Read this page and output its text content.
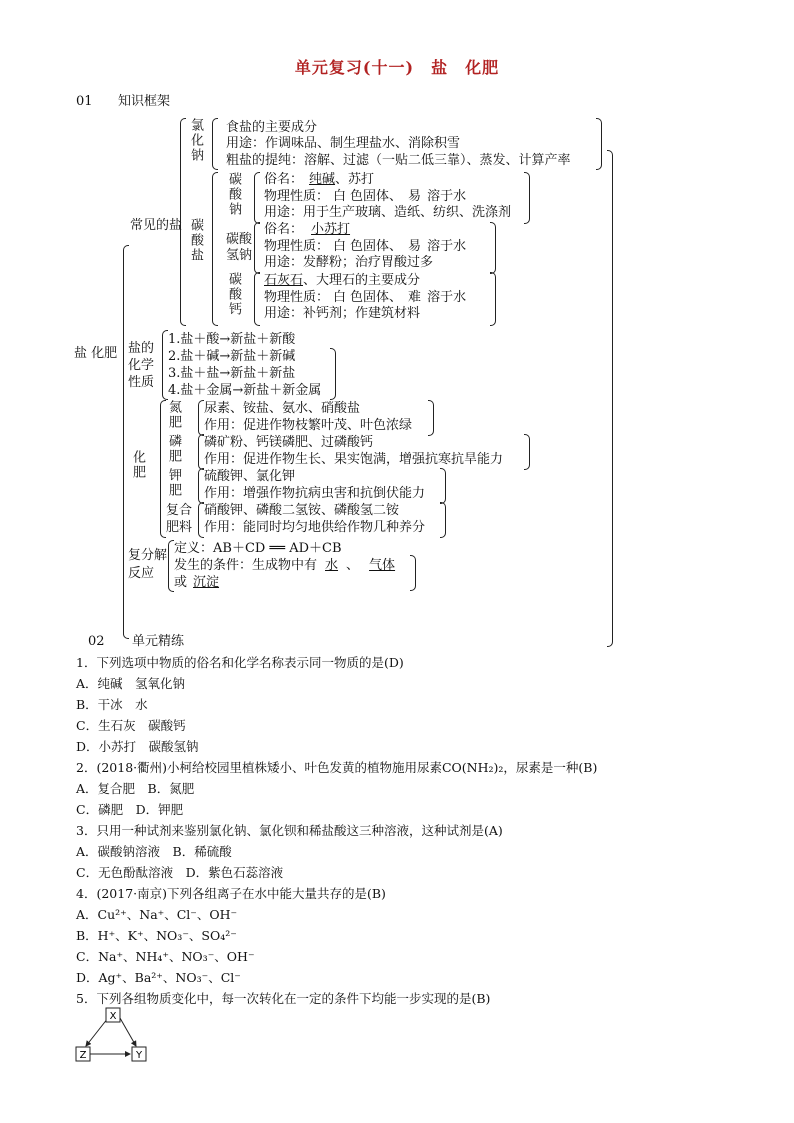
单元复习(十一)　盐　化肥
01 知识框架
盐 化肥
常见的盐
氯化钠 食盐的主要成分
用途：作调味品、制生理盐水、消除积雪
粗盐的提纯：溶解、过滤（一贴二低三靠）、蒸发、计算产率
碳酸盐
碳酸钠 俗名： 纯碱、苏打
物理性质： 白 色固体、 易 溶于水
用途：用于生产玻璃、造纸、纺织、洗涤剂
碳酸氢钠
俗名： 小苏打
物理性质： 白 色固体、 易 溶于水
用途：发酵粉；治疗胃酸过多
碳酸钙 石灰石、大理石的主要成分
物理性质： 白 色固体、 难 溶于水
用途：补钙剂；作建筑材料
盐的化学性质
1.盐＋酸→新盐＋新酸
2.盐＋碱→新盐＋新碱
3.盐＋盐→新盐＋新盐
4.盐＋金属→新盐＋新金属
化肥
氮肥 尿素、铵盐、氨水、硝酸盐
作用：促进作物枝繁叶茂、叶色浓绿
磷肥 磷矿粉、钙镁磷肥、过磷酸钙
作用：促进作物生长、果实饱满，增强抗寒抗旱能力
钾肥 硫酸钾、氯化钾
作用：增强作物抗病虫害和抗倒伏能力
复合
肥料
硝酸钾、磷酸二氢铵、磷酸氢二铵
作用：能同时均匀地供给作物几种养分
复分解
反应
定义：AB＋CD ══ AD＋CB
发生的条件：生成物中有 水 、 气体
或 沉淀
02 单元精练
1．下列选项中物质的俗名和化学名称表示同一物质的是(D)
A．纯碱　氢氧化钠
B．干冰　水
C．生石灰　碳酸钙
D．小苏打　碳酸氢钠
2．(2018·衢州)小柯给校园里植株矮小、叶色发黄的植物施用尿素CO(NH₂)₂，尿素是一种(B)
A．复合肥　B．氮肥
C．磷肥　D．钾肥
3．只用一种试剂来鉴别氯化钠、氯化钡和稀盐酸这三种溶液，这种试剂是(A)
A．碳酸钠溶液　B．稀硫酸
C．无色酚酞溶液　D．紫色石蕊溶液
4．(2017·南京)下列各组离子在水中能大量共存的是(B)
A．Cu²⁺、Na⁺、Cl⁻、OH⁻
B．H⁺、K⁺、NO₃⁻、SO₄²⁻
C．Na⁺、NH₄⁺、NO₃⁻、OH⁻
D．Ag⁺、Ba²⁺、NO₃⁻、Cl⁻
5．下列各组物质变化中，每一次转化在一定的条件下均能一步实现的是(B)
X
Y
Z
